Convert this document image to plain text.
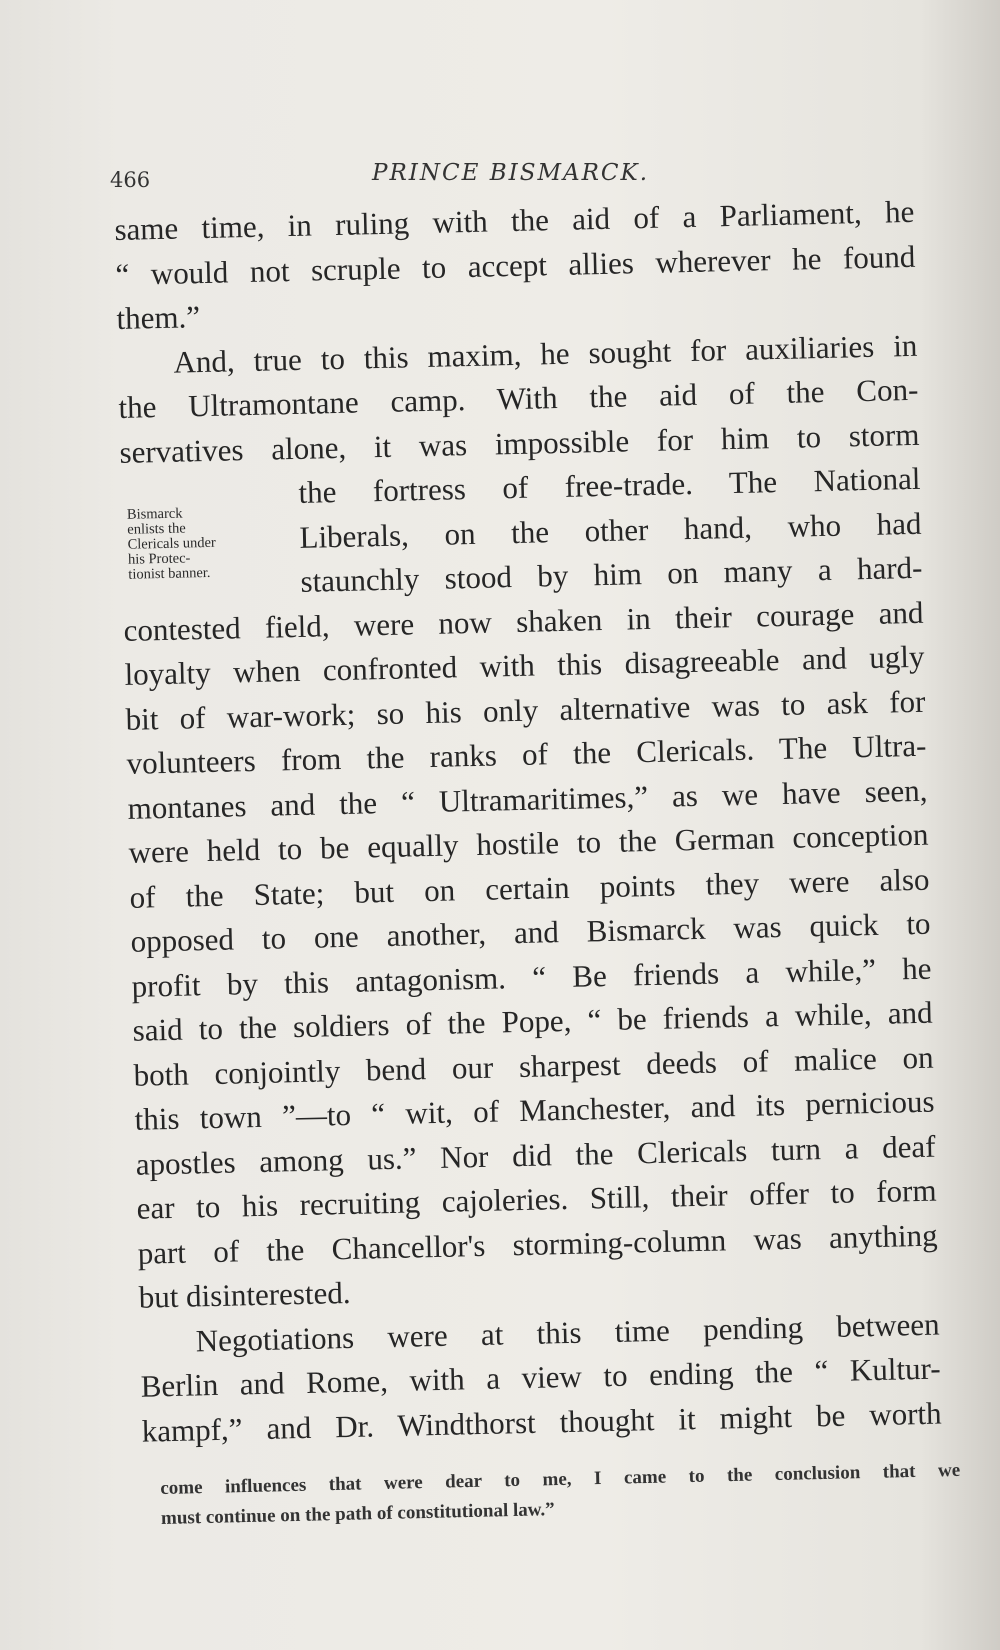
466	PRINCE BISMARCK.
same time, in ruling with the aid of a Parliament, he
“ would not scruple to accept allies wherever he found
them.”
And, true to this maxim, he sought for auxiliaries in
the Ultramontane camp. With the aid of the Con-
servatives alone, it was impossible for him to storm
the fortress of free-trade. The National
Liberals, on the other hand, who had
staunchly stood by him on many a hard-
contested field, were now shaken in their courage and
loyalty when confronted with this disagreeable and ugly
bit of war-work; so his only alternative was to ask for
volunteers from the ranks of the Clericals. The Ultra-
montanes and the “ Ultramaritimes,” as we have seen,
were held to be equally hostile to the German conception
of the State; but on certain points they were also
opposed to one another, and Bismarck was quick to
profit by this antagonism. “ Be friends a while,” he
said to the soldiers of the Pope, “ be friends a while, and
both conjointly bend our sharpest deeds of malice on
this town ”—to “ wit, of Manchester, and its pernicious
apostles among us.” Nor did the Clericals turn a deaf
ear to his recruiting cajoleries. Still, their offer to form
part of the Chancellor's storming-column was anything
but disinterested.
Negotiations were at this time pending between
Berlin and Rome, with a view to ending the “ Kultur-
kampf,” and Dr. Windthorst thought it might be worth
Bismarck
enlists the
Clericals under
his Protec-
tionist banner.
come influences that were dear to me, I came to the conclusion that we
must continue on the path of constitutional law.”
